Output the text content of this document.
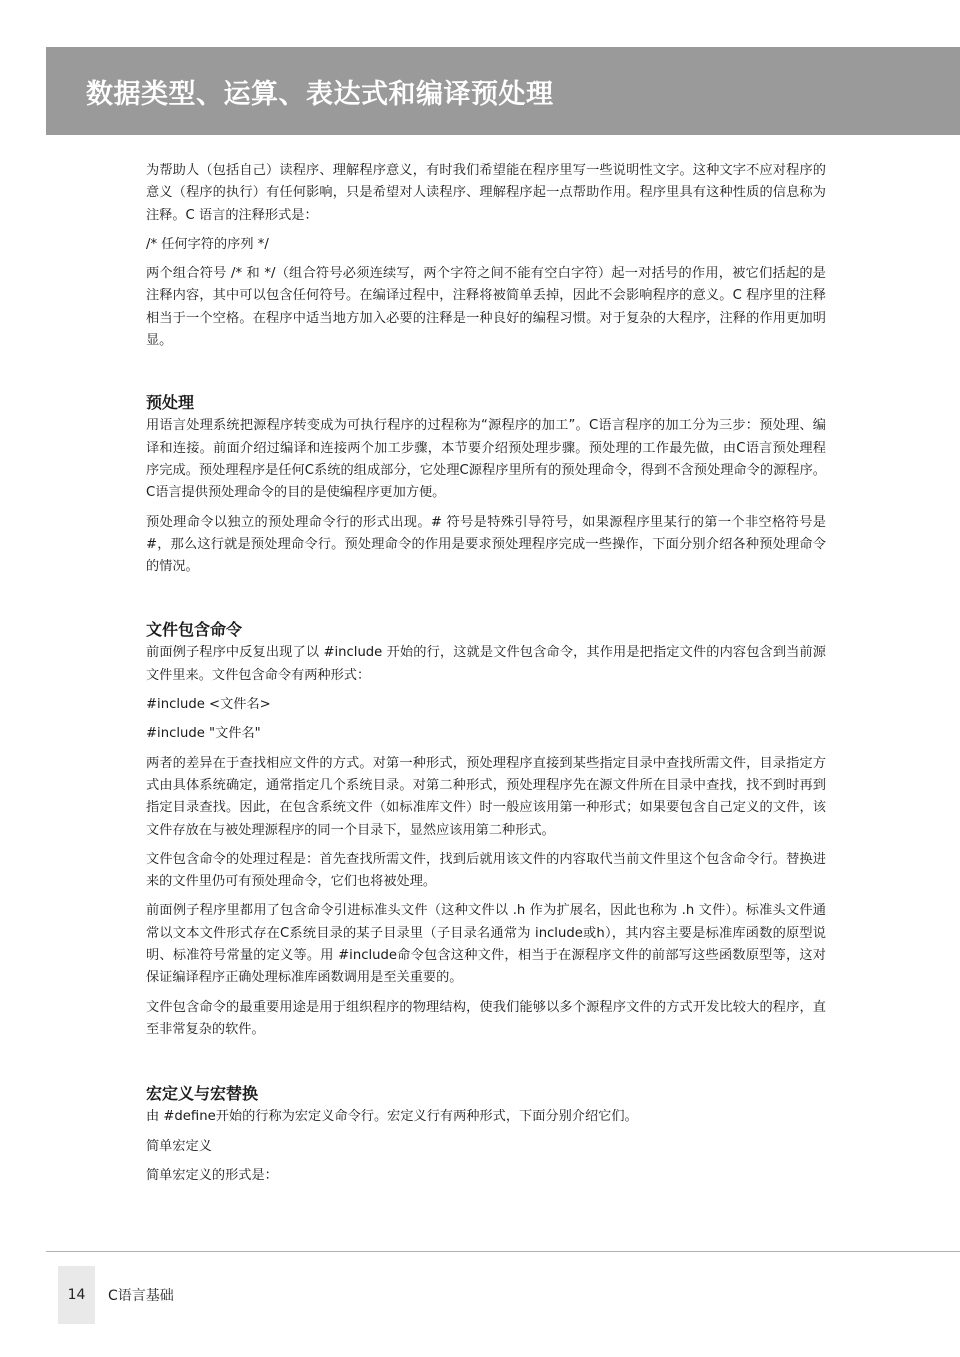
数据类型、运算、表达式和编译预处理

为帮助人（包括自己）读程序、理解程序意义，有时我们希望能在程序里写一些说明性文字。这种文字不应对程序的意义（程序的执行）有任何影响，只是希望对人读程序、理解程序起一点帮助作用。程序里具有这种性质的信息称为注释。C 语言的注释形式是：

/* 任何字符的序列 */

两个组合符号 /* 和 */（组合符号必须连续写，两个字符之间不能有空白字符）起一对括号的作用，被它们括起的是注释内容，其中可以包含任何符号。在编译过程中，注释将被简单丢掉，因此不会影响程序的意义。C 程序里的注释相当于一个空格。在程序中适当地方加入必要的注释是一种良好的编程习惯。对于复杂的大程序，注释的作用更加明显。

预处理

用语言处理系统把源程序转变成为可执行程序的过程称为“源程序的加工”。C语言程序的加工分为三步：预处理、编译和连接。前面介绍过编译和连接两个加工步骤，本节要介绍预处理步骤。预处理的工作最先做，由C语言预处理程序完成。预处理程序是任何C系统的组成部分，它处理C源程序里所有的预处理命令，得到不含预处理命令的源程序。C语言提供预处理命令的目的是使编程序更加方便。

预处理命令以独立的预处理命令行的形式出现。# 符号是特殊引导符号，如果源程序里某行的第一个非空格符号是 #，那么这行就是预处理命令行。预处理命令的作用是要求预处理程序完成一些操作，下面分别介绍各种预处理命令的情况。

文件包含命令

前面例子程序中反复出现了以 #include 开始的行，这就是文件包含命令，其作用是把指定文件的内容包含到当前源文件里来。文件包含命令有两种形式：

#include <文件名>

#include "文件名"

两者的差异在于查找相应文件的方式。对第一种形式，预处理程序直接到某些指定目录中查找所需文件，目录指定方式由具体系统确定，通常指定几个系统目录。对第二种形式，预处理程序先在源文件所在目录中查找，找不到时再到指定目录查找。因此，在包含系统文件（如标准库文件）时一般应该用第一种形式；如果要包含自己定义的文件，该文件存放在与被处理源程序的同一个目录下，显然应该用第二种形式。

文件包含命令的处理过程是：首先查找所需文件，找到后就用该文件的内容取代当前文件里这个包含命令行。替换进来的文件里仍可有预处理命令，它们也将被处理。

前面例子程序里都用了包含命令引进标准头文件（这种文件以 .h 作为扩展名，因此也称为 .h 文件）。标准头文件通常以文本文件形式存在C系统目录的某子目录里（子目录名通常为 include或h），其内容主要是标准库函数的原型说明、标准符号常量的定义等。用 #include命令包含这种文件，相当于在源程序文件的前部写这些函数原型等，这对保证编译程序正确处理标准库函数调用是至关重要的。

文件包含命令的最重要用途是用于组织程序的物理结构，使我们能够以多个源程序文件的方式开发比较大的程序，直至非常复杂的软件。

宏定义与宏替换

由 #define开始的行称为宏定义命令行。宏定义行有两种形式，下面分别介绍它们。

简单宏定义

简单宏定义的形式是：

14	C语言基础
